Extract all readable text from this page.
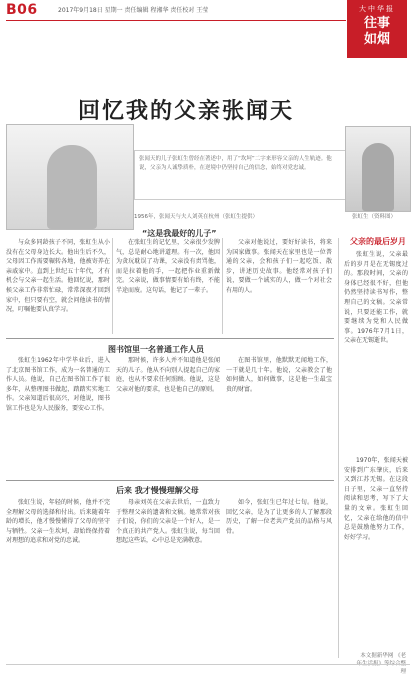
B06	2017年9月18日 星期一 责任编辑 程湘华 责任校对 王莹	大中华报
往事
如烟
回忆我的父亲张闻天
张闻天的儿子张虹生曾经在著述中，用了“坎坷”二字来形容父亲的人生轨迹。他说，父亲为人诚挚质朴，在逆境中仍坚持自己的信念，始终对党忠诚。
1956年，张闻天与夫人刘英在杭州（张虹生提供）	张虹生（资料图）
“这是我最好的儿子”
父亲的最后岁月

与众多同龄孩子不同，张虹生从小没有在父母身边长大。他出生后不久，父母因工作需要辗转各地，他被寄养在亲戚家中。直到上世纪五十年代，才有机会与父亲一起生活。他回忆说，那时候父亲工作非常忙碌，常常深夜才回到家中，但只要有空，就会问他读书的情况，叮嘱他要认真学习。

在张虹生的记忆里，父亲很少发脾气，总是耐心地讲道理。有一次，他因为贪玩耽误了功课，父亲没有责骂他，而是拉着他的手，一起把作业重新做完。父亲说，做事情要有始有终，不能半途而废。这句话，他记了一辈子。

父亲对他说过，要好好读书，将来为国家做事。张闻天在家里也是一位普通的父亲，会和孩子们一起吃饭、散步，讲述历史故事。他经常对孩子们说，要做一个诚实的人，做一个对社会有用的人。

张虹生说，父亲最后的岁月是在无锡度过的。那段时间，父亲的身体已经很不好，但他仍然坚持读书写作，整理自己的文稿。父亲常说，只要还能工作，就要继续为党和人民做事。1976年7月1日，父亲在无锡逝世。

1970年，张闻天被安排到广东肇庆，后来又到江苏无锡。在这段日子里，父亲一直坚持阅读和思考，写下了大量的文章。张虹生回忆，父亲在给他的信中总是鼓励他努力工作，好好学习。

图书馆里一名普通工作人员

张虹生1962年中学毕业后，进入了北京图书馆工作，成为一名普通的工作人员。他说，自己在图书馆工作了很多年，从整理图书做起，踏踏实实地工作。父亲知道后很高兴，对他说，图书馆工作也是为人民服务，要安心工作。

那时候，许多人并不知道他是张闻天的儿子。他从不向别人提起自己的家庭，也从不要求任何照顾。他说，这是父亲对他的要求，也是他自己的原则。

在图书馆里，他默默无闻地工作，一干就是几十年。他说，父亲教会了他如何做人，如何做事，这是他一生最宝贵的财富。

后来 我才慢慢理解父母

张虹生说，年轻的时候，他并不完全理解父母的选择和付出。后来随着年龄的增长，他才慢慢懂得了父母的坚守与牺牲。父亲一生坎坷，却始终保持着对理想的追求和对党的忠诚。

母亲刘英在父亲去世后，一直致力于整理父亲的遗著和文稿。她常常对孩子们说，你们的父亲是一个好人，是一个真正的共产党人。张虹生说，每当回想起这些话，心中总是充满敬意。

如今，张虹生已年过七旬。他说，回忆父亲，是为了让更多的人了解那段历史，了解一位老共产党员的品格与风骨。

本文据新华网 《老 理
